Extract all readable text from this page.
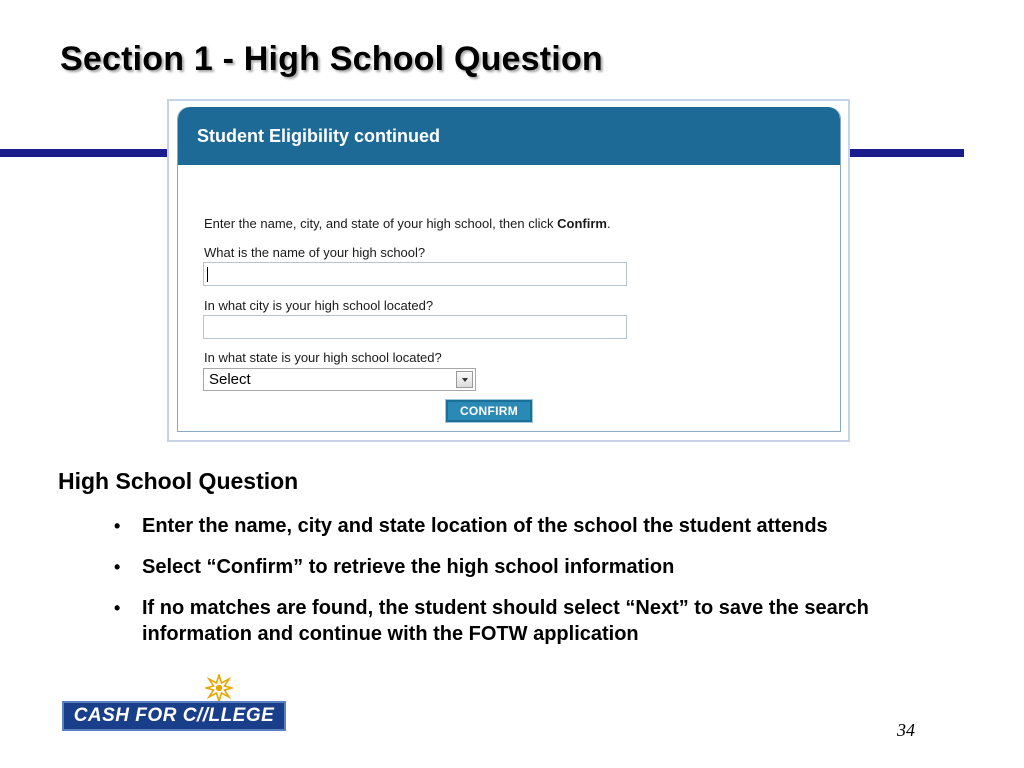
Section 1 - High School Question
Student Eligibility continued
Enter the name, city, and state of your high school, then click Confirm.
What is the name of your high school?
In what city is your high school located?
In what state is your high school located?
Select
CONFIRM
High School Question
• Enter the name, city and state location of the school the student attends
• Select “Confirm” to retrieve the high school information
• If no matches are found, the student should select “Next” to save the search information and continue with the FOTW application
CASH FOR C//LLEGE
34
